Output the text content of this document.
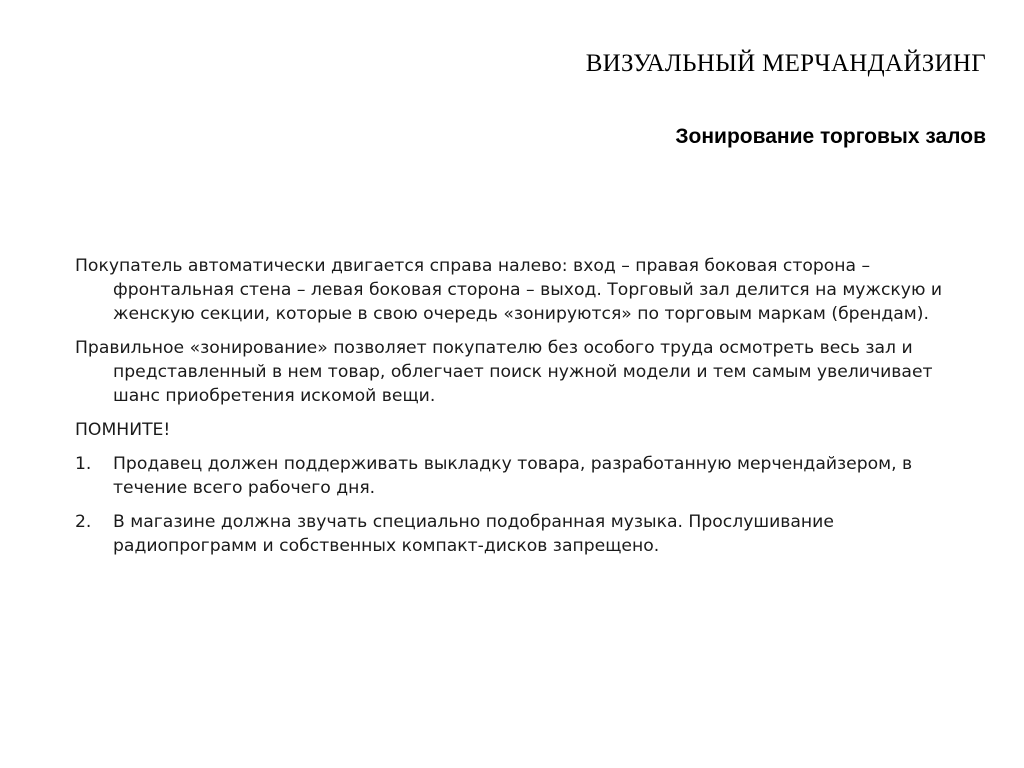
ВИЗУАЛЬНЫЙ МЕРЧАНДАЙЗИНГ
Зонирование торговых залов

Покупатель автоматически двигается справа налево: вход – правая боковая сторона – фронтальная стена – левая боковая сторона – выход. Торговый зал делится на мужскую и женскую секции, которые в свою очередь «зонируются» по торговым маркам (брендам).

Правильное «зонирование» позволяет покупателю без особого труда осмотреть весь зал и представленный в нем товар, облегчает поиск нужной модели и тем самым увеличивает шанс приобретения искомой вещи.

ПОМНИТЕ!

1. Продавец должен поддерживать выкладку товара, разработанную мерчендайзером, в течение всего рабочего дня.
2. В магазине должна звучать специально подобранная музыка. Прослушивание радиопрограмм и собственных компакт-дисков запрещено.
